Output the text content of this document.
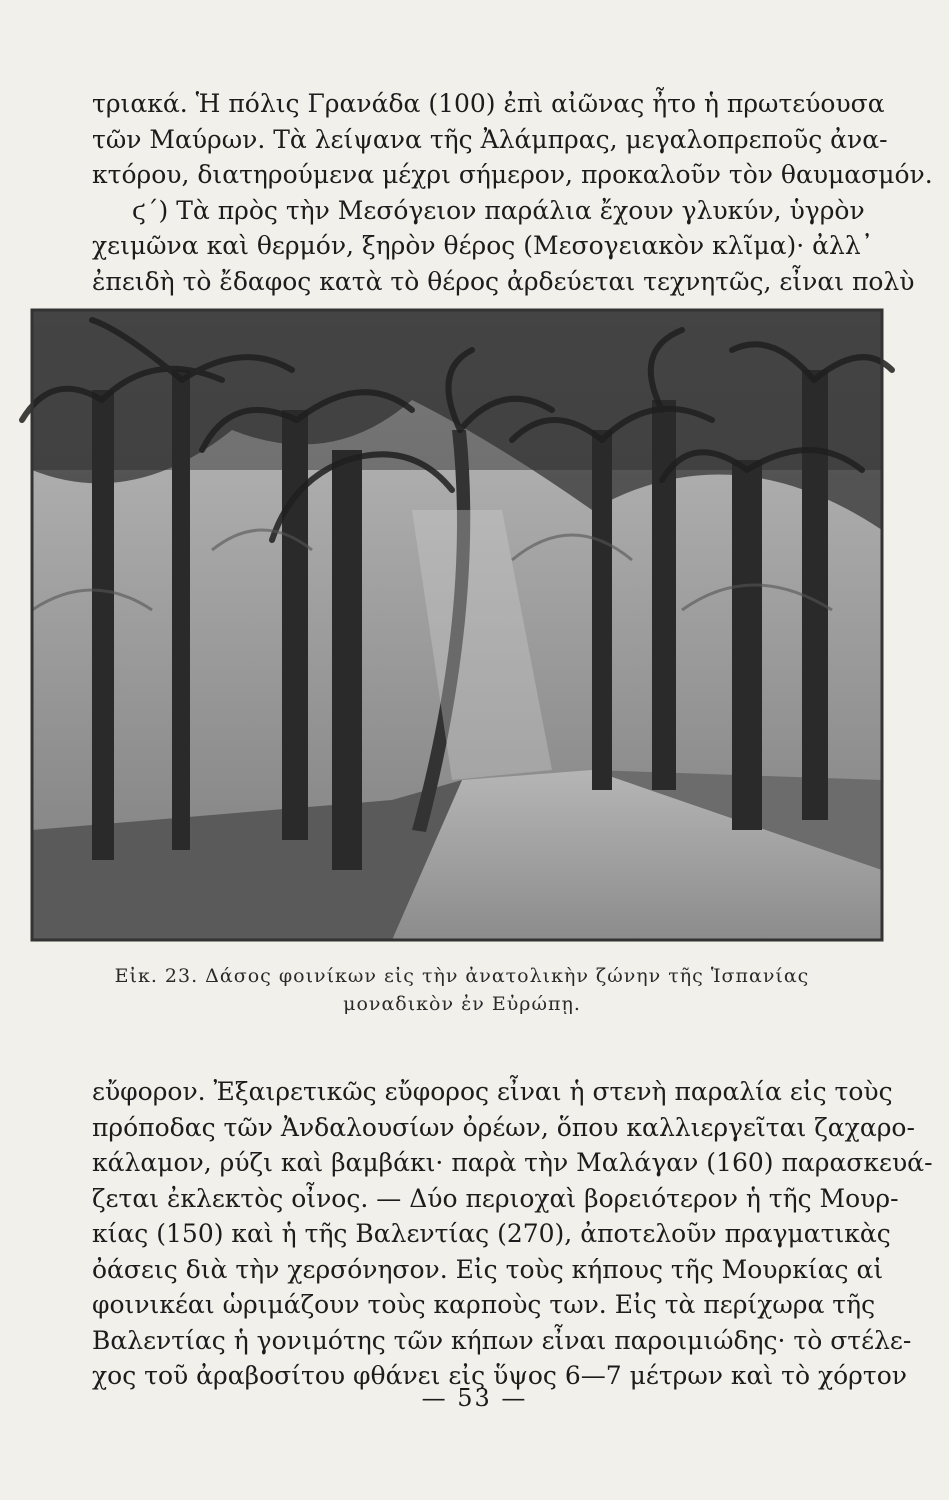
τριακά. Ἡ πόλις Γρανάδα (100) ἐπὶ αἰῶνας ἦτο ἡ πρωτεύουσα
τῶν Μαύρων. Τὰ λείψανα τῆς Ἀλάμπρας, μεγαλοπρεποῦς ἀνα-
κτόρου, διατηρούμενα μέχρι σήμερον, προκαλοῦν τὸν θαυμασμόν.
ϛ΄) Τὰ πρὸς τὴν Μεσόγειον παράλια ἔχουν γλυκύν, ὑγρὸν
χειμῶνα καὶ θερμόν, ξηρὸν θέρος (Μεσογειακὸν κλῖμα)· ἀλλ᾽
ἐπειδὴ τὸ ἔδαφος κατὰ τὸ θέρος ἀρδεύεται τεχνητῶς, εἶναι πολὺ
Εἰκ. 23. Δάσος φοινίκων εἰς τὴν ἀνατολικὴν ζώνην τῆς Ἱσπανίας
μοναδικὸν ἐν Εὐρώπῃ.
εὔφορον. Ἐξαιρετικῶς εὔφορος εἶναι ἡ στενὴ παραλία εἰς τοὺς
πρόποδας τῶν Ἀνδαλουσίων ὀρέων, ὅπου καλλιεργεῖται ζαχαρο-
κάλαμον, ρύζι καὶ βαμβάκι· παρὰ τὴν Μαλάγαν (160) παρασκευά-
ζεται ἐκλεκτὸς οἶνος. — Δύο περιοχαὶ βορειότερον ἡ τῆς Μουρ-
κίας (150) καὶ ἡ τῆς Βαλεντίας (270), ἀποτελοῦν πραγματικὰς
ὀάσεις διὰ τὴν χερσόνησον. Εἰς τοὺς κήπους τῆς Μουρκίας αἱ
φοινικέαι ὡριμάζουν τοὺς καρποὺς των. Εἰς τὰ περίχωρα τῆς
Βαλεντίας ἡ γονιμότης τῶν κήπων εἶναι παροιμιώδης· τὸ στέλε-
χος τοῦ ἀραβοσίτου φθάνει εἰς ὕψος 6—7 μέτρων καὶ τὸ χόρτον
— 53 —
